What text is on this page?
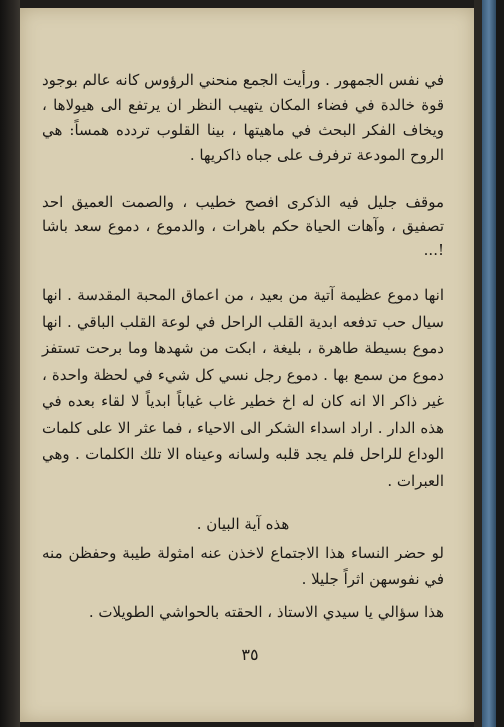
في نفس الجمهور . ورأيت الجمع منحني الرؤوس كانه عالم بوجود قوة خالدة في فضاء المكان يتهيب النظر ان يرتفع الى هيولاها ، ويخاف الفكر البحث في ماهيتها ، بينا القلوب تردده همساً: هي الروح المودعة ترفرف على جباه ذاكريها .
موقف جليل فيه الذكرى افصح خطيب ، والصمت العميق احد تصفيق ، وآهات الحياة حكم باهرات ، والدموع ، دموع سعد باشا !...
انها دموع عظيمة آتية من بعيد ، من اعماق المحبة المقدسة . انها سيال حب تدفعه ابدية القلب الراحل في لوعة القلب الباقي . انها دموع بسيطة طاهرة ، بليغة ، ابكت من شهدها وما برحت تستفز دموع من سمع بها . دموع رجل نسي كل شيء في لحظة واحدة ، غير ذاكر الا انه كان له اخ خطير غاب غياباً ابدياً لا لقاء بعده في هذه الدار . اراد اسداء الشكر الى الاحياء ، فما عثر الا على كلمات الوداع للراحل فلم يجد قلبه ولسانه وعيناه الا تلك الكلمات . وهي العبرات .
هذه آية البيان .
لو حضر النساء هذا الاجتماع لاخذن عنه امثولة طيبة وحفظن منه في نفوسهن اثراً جليلا .
هذا سؤالي يا سيدي الاستاذ ، الحقته بالحواشي الطويلات .
٣٥
